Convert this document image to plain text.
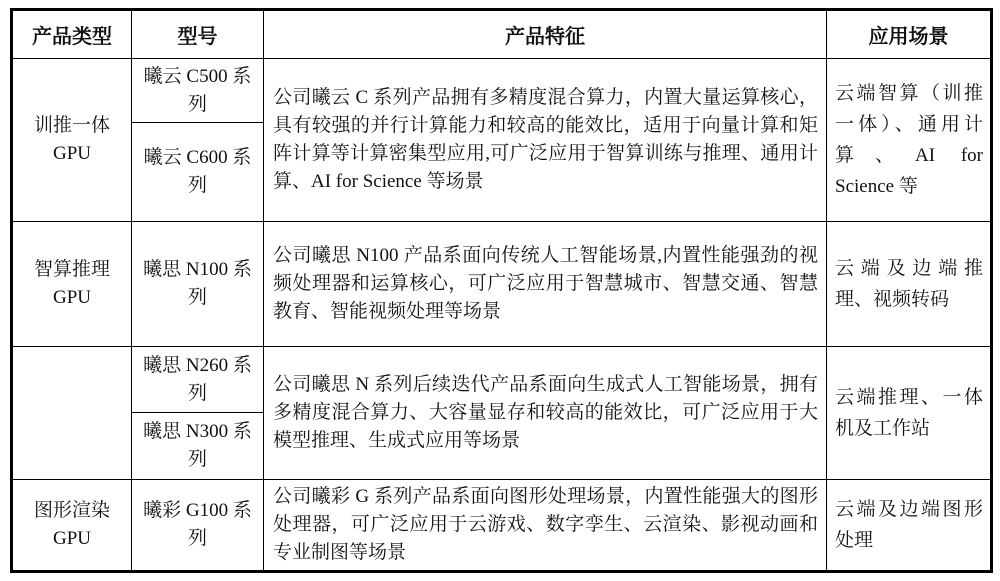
产品类型	型号	产品特征	应用场景
训推一体 GPU	曦云 C500 系列	公司曦云 C 系列产品拥有多精度混合算力，内置大量运算核心，具有较强的并行计算能力和较高的能效比，适用于向量计算和矩阵计算等计算密集型应用,可广泛应用于智算训练与推理、通用计算、AI for Science 等场景	云端智算（训推一体）、通用计算、AI for Science 等
	曦云 C600 系列		
智算推理 GPU	曦思 N100 系列	公司曦思 N100 产品系面向传统人工智能场景,内置性能强劲的视频处理器和运算核心，可广泛应用于智慧城市、智慧交通、智慧教育、智能视频处理等场景	云端及边端推理、视频转码
	曦思 N260 系列	公司曦思 N 系列后续迭代产品系面向生成式人工智能场景，拥有多精度混合算力、大容量显存和较高的能效比，可广泛应用于大模型推理、生成式应用等场景	云端推理、一体机及工作站
	曦思 N300 系列		
图形渲染 GPU	曦彩 G100 系列	公司曦彩 G 系列产品系面向图形处理场景，内置性能强大的图形处理器，可广泛应用于云游戏、数字孪生、云渲染、影视动画和专业制图等场景	云端及边端图形处理
